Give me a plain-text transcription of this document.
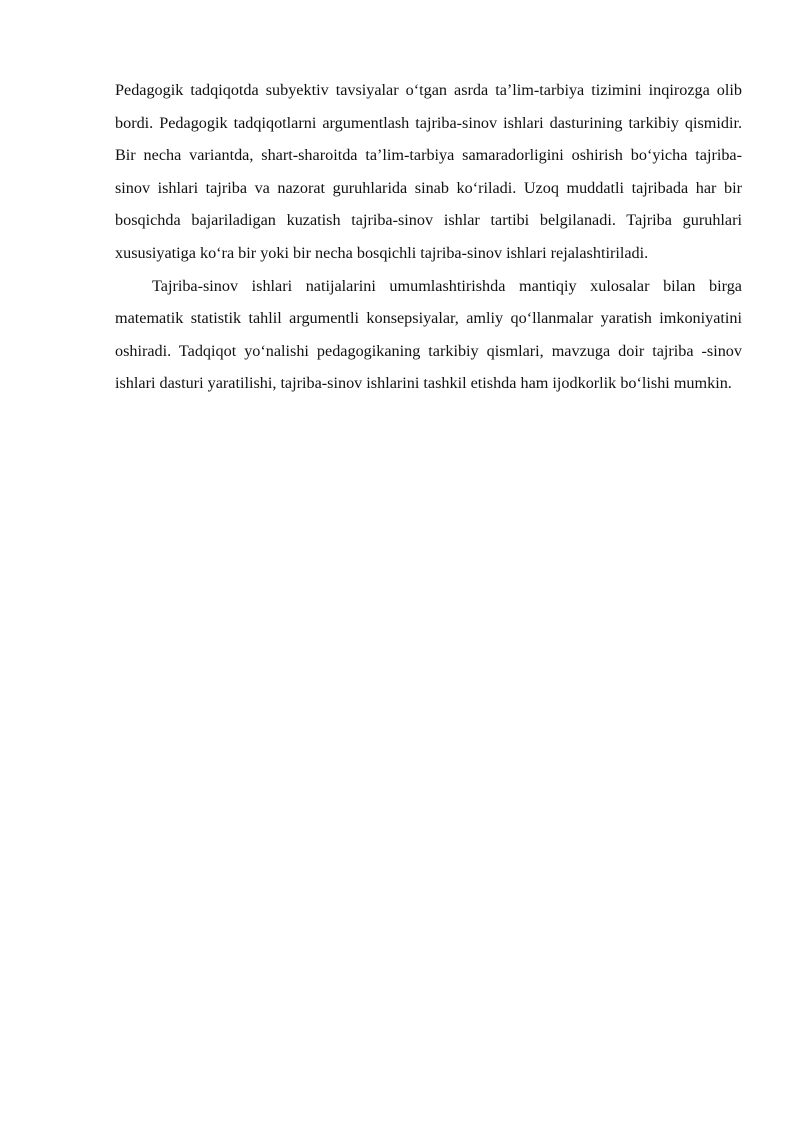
Pedagogik tadqiqotda subyektiv tavsiyalar o‘tgan asrda ta’lim-tarbiya tizimini inqirozga olib bordi. Pedagogik tadqiqotlarni argumentlash tajriba-sinov ishlari dasturining tarkibiy qismidir. Bir necha variantda, shart-sharoitda ta’lim-tarbiya samaradorligini oshirish bo‘yicha tajriba-sinov ishlari tajriba va nazorat guruhlarida sinab ko‘riladi. Uzoq muddatli tajribada har bir bosqichda bajariladigan kuzatish tajriba-sinov ishlar tartibi belgilanadi. Tajriba guruhlari xususiyatiga ko‘ra bir yoki bir necha bosqichli tajriba-sinov ishlari rejalashtiriladi.

Tajriba-sinov ishlari natijalarini umumlashtirishda mantiqiy xulosalar bilan birga matematik statistik tahlil argumentli konsepsiyalar, amliy qo‘llanmalar yaratish imkoniyatini oshiradi. Tadqiqot yo‘nalishi pedagogikaning tarkibiy qismlari, mavzuga doir tajriba -sinov ishlari dasturi yaratilishi, tajriba-sinov ishlarini tashkil etishda ham ijodkorlik bo‘lishi mumkin.
